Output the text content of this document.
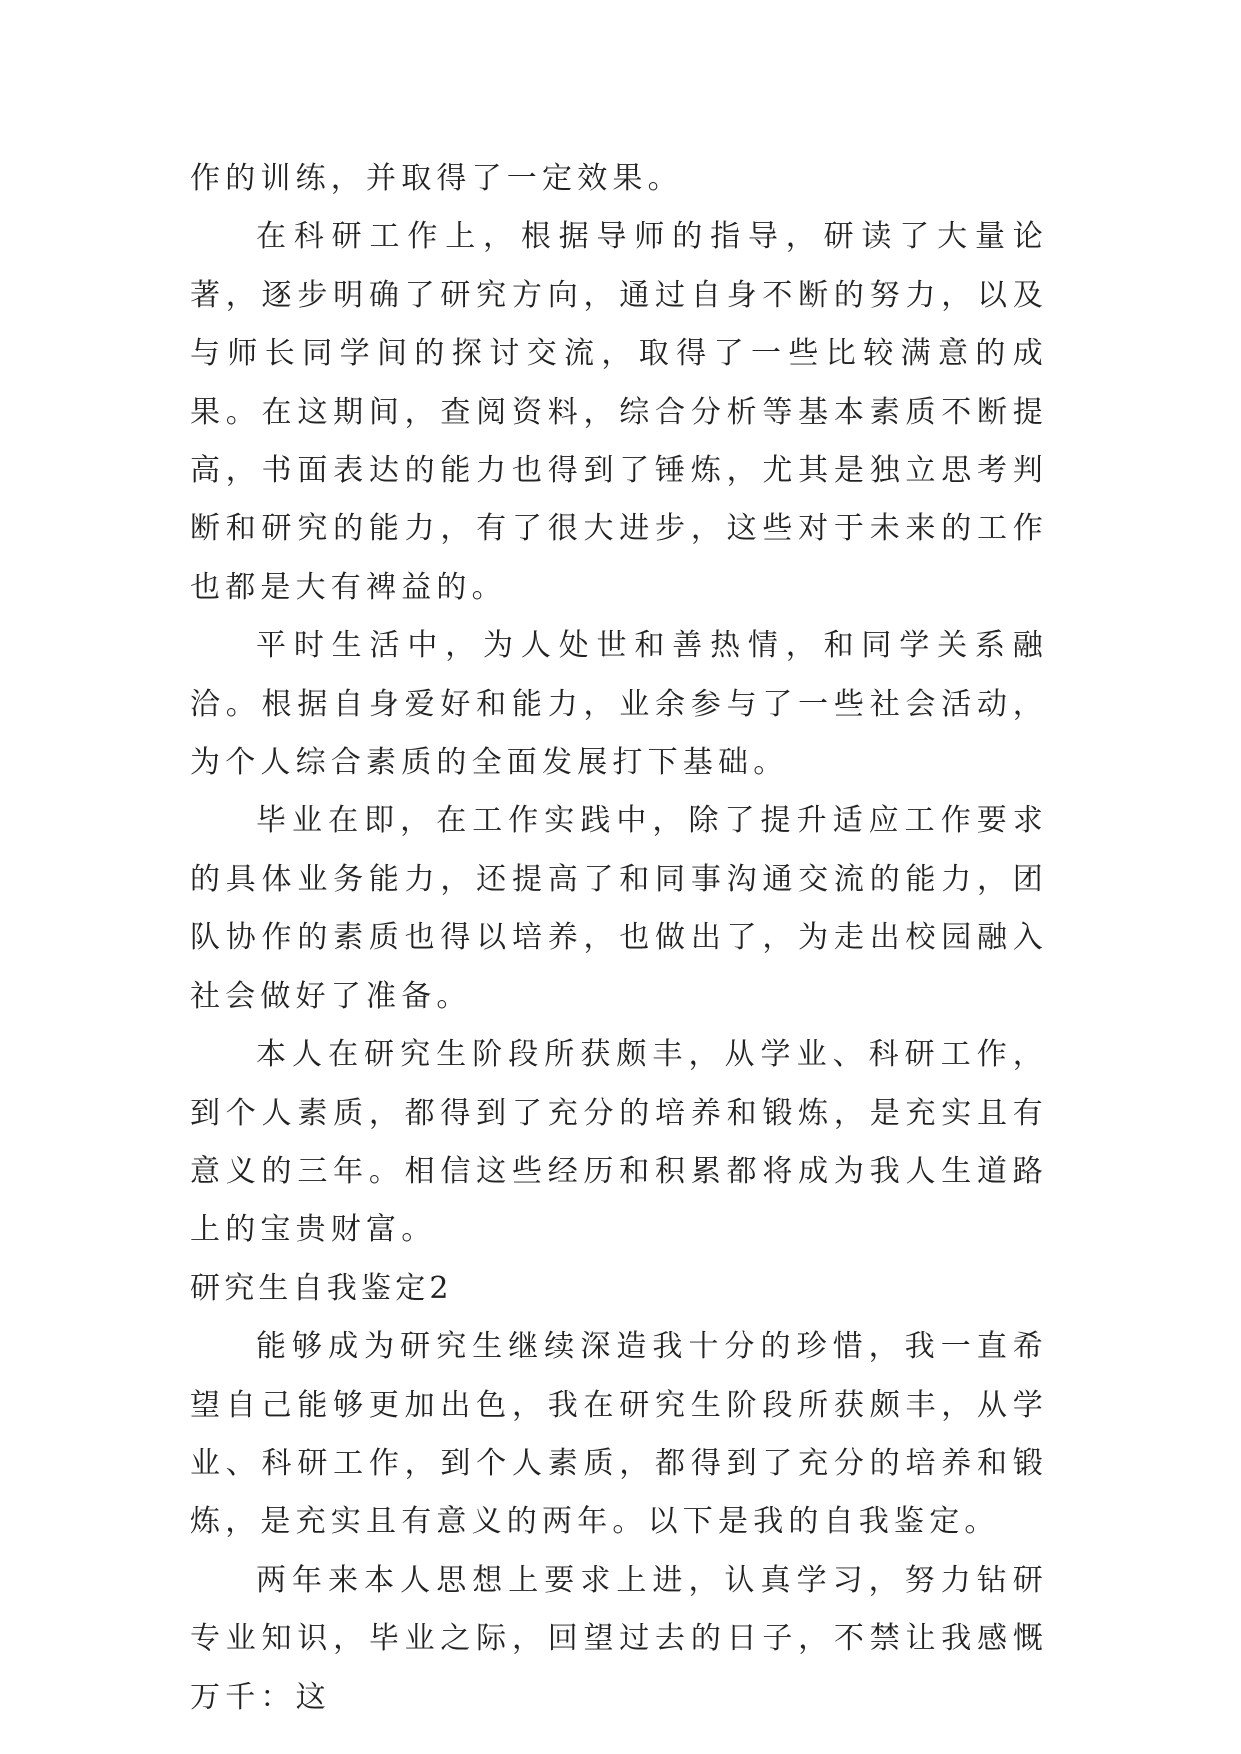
作的训练，并取得了一定效果。

在科研工作上，根据导师的指导，研读了大量论著，逐步明确了研究方向，通过自身不断的努力，以及与师长同学间的探讨交流，取得了一些比较满意的成果。在这期间，查阅资料，综合分析等基本素质不断提高，书面表达的能力也得到了锤炼，尤其是独立思考判断和研究的能力，有了很大进步，这些对于未来的工作也都是大有裨益的。

平时生活中，为人处世和善热情，和同学关系融洽。根据自身爱好和能力，业余参与了一些社会活动，为个人综合素质的全面发展打下基础。

毕业在即，在工作实践中，除了提升适应工作要求的具体业务能力，还提高了和同事沟通交流的能力，团队协作的素质也得以培养，也做出了，为走出校园融入社会做好了准备。

本人在研究生阶段所获颇丰，从学业、科研工作，到个人素质，都得到了充分的培养和锻炼，是充实且有意义的三年。相信这些经历和积累都将成为我人生道路上的宝贵财富。

研究生自我鉴定2

能够成为研究生继续深造我十分的珍惜，我一直希望自己能够更加出色，我在研究生阶段所获颇丰，从学业、科研工作，到个人素质，都得到了充分的培养和锻炼，是充实且有意义的两年。以下是我的自我鉴定。

两年来本人思想上要求上进，认真学习，努力钻研专业知识，毕业之际，回望过去的日子，不禁让我感慨万千：这
